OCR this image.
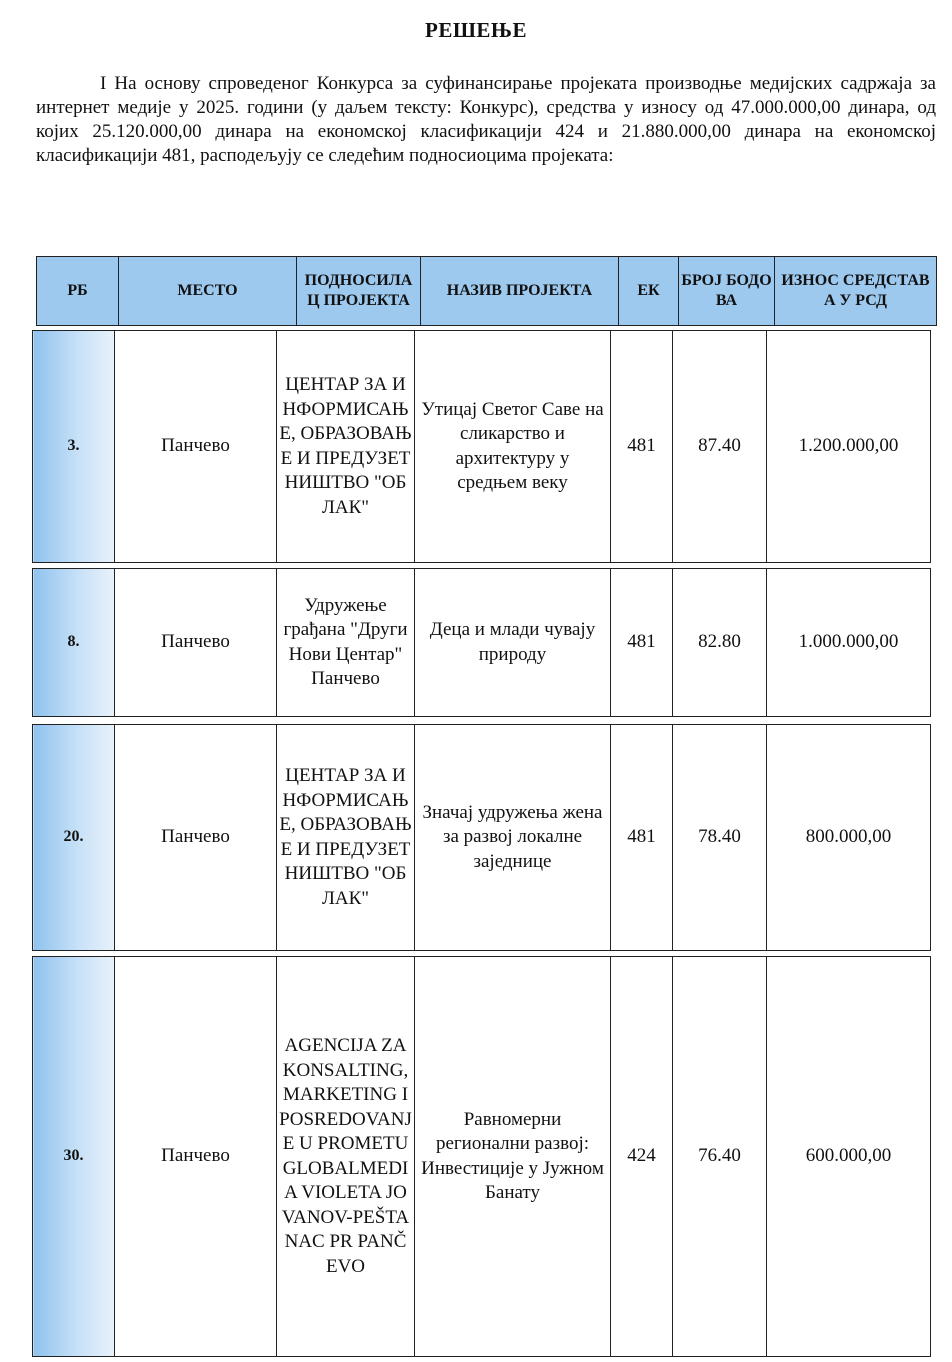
РЕШЕЊЕ
I На основу спроведеног Конкурса за суфинансирање пројеката производње медијских садржаја за интернет медије у 2025. години (у даљем тексту: Конкурс), средства у износу од 47.000.000,00 динара, од којих 25.120.000,00 динара на економској класификацији 424 и 21.880.000,00 динара на економској класификацији 481, расподељују се следећим подносиоцима пројеката:
РБ	МЕСТО	ПОДНОСИЛАЦ ПРОЈЕКТА	НАЗИВ ПРОЈЕКТА	ЕК	БРОЈ БОДОВА	ИЗНОС СРЕДСТАВА У РСД
3.	Панчево	ЦЕНТАР ЗА ИНФОРМИСАЊЕ, ОБРАЗОВАЊЕ И ПРЕДУЗЕТНИШТВО "ОБЛАК"	Утицај Светог Саве на сликарство и архитектуру у средњем веку	481	87.40	1.200.000,00
8.	Панчево	Удружење грађана "Други Нови Центар" Панчево	Деца и млади чувају природу	481	82.80	1.000.000,00
20.	Панчево	ЦЕНТАР ЗА ИНФОРМИСАЊЕ, ОБРАЗОВАЊЕ И ПРЕДУЗЕТНИШТВО "ОБЛАК"	Значај удружења жена за развој локалне заједнице	481	78.40	800.000,00
30.	Панчево	AGENCIJA ZA KONSALTING, MARKETING I POSREDOVANJE U PROMETU GLOBALMEDIA VIOLETA JOVANOV-PEŠTANAC PR PANČEVO	Равномерни регионални развој: Инвестиције у Јужном Банату	424	76.40	600.000,00
